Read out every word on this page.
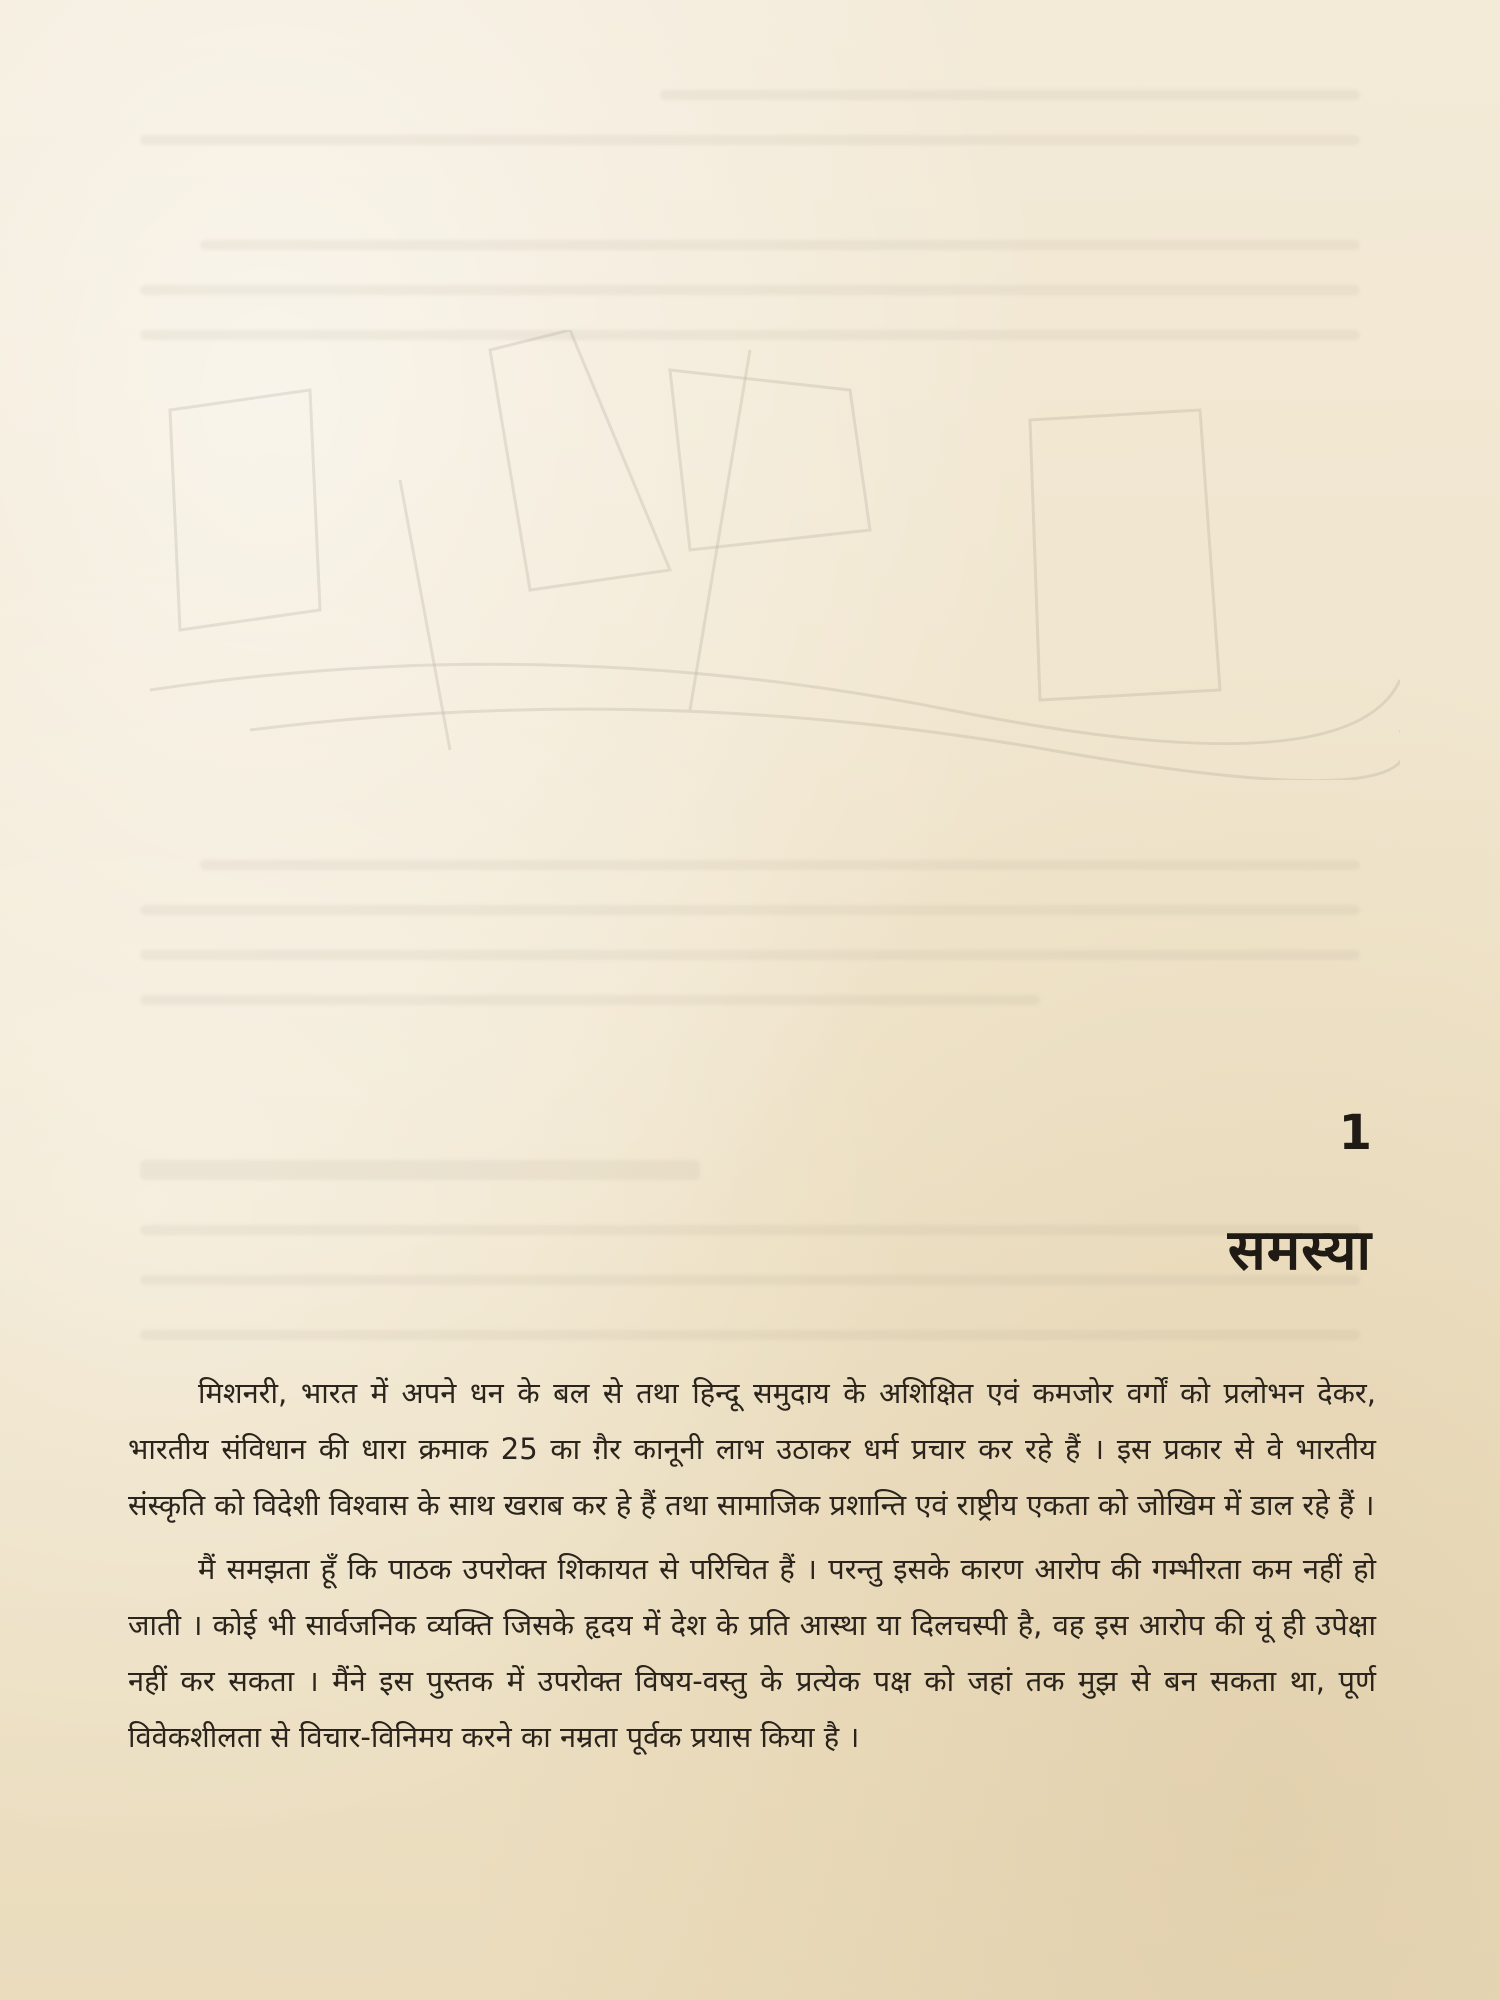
1
समस्या

मिशनरी, भारत में अपने धन के बल से तथा हिन्दू समुदाय के अशिक्षित एवं कमजोर वर्गों को प्रलोभन देकर, भारतीय संविधान की धारा क्रमाक 25 का ग़ैर कानूनी लाभ उठाकर धर्म प्रचार कर रहे हैं । इस प्रकार से वे भारतीय संस्कृति को विदेशी विश्वास के साथ खराब कर हे हैं तथा सामाजिक प्रशान्ति एवं राष्ट्रीय एकता को जोखिम में डाल रहे हैं ।

मैं समझता हूँ कि पाठक उपरोक्त शिकायत से परिचित हैं । परन्तु इसके कारण आरोप की गम्भीरता कम नहीं हो जाती । कोई भी सार्वजनिक व्यक्ति जिसके हृदय में देश के प्रति आस्था या दिलचस्पी है, वह इस आरोप की यूं ही उपेक्षा नहीं कर सकता । मैंने इस पुस्तक में उपरोक्त विषय-वस्तु के प्रत्येक पक्ष को जहां तक मुझ से बन सकता था, पूर्ण विवेकशीलता से विचार-विनिमय करने का नम्रता पूर्वक प्रयास किया है ।
